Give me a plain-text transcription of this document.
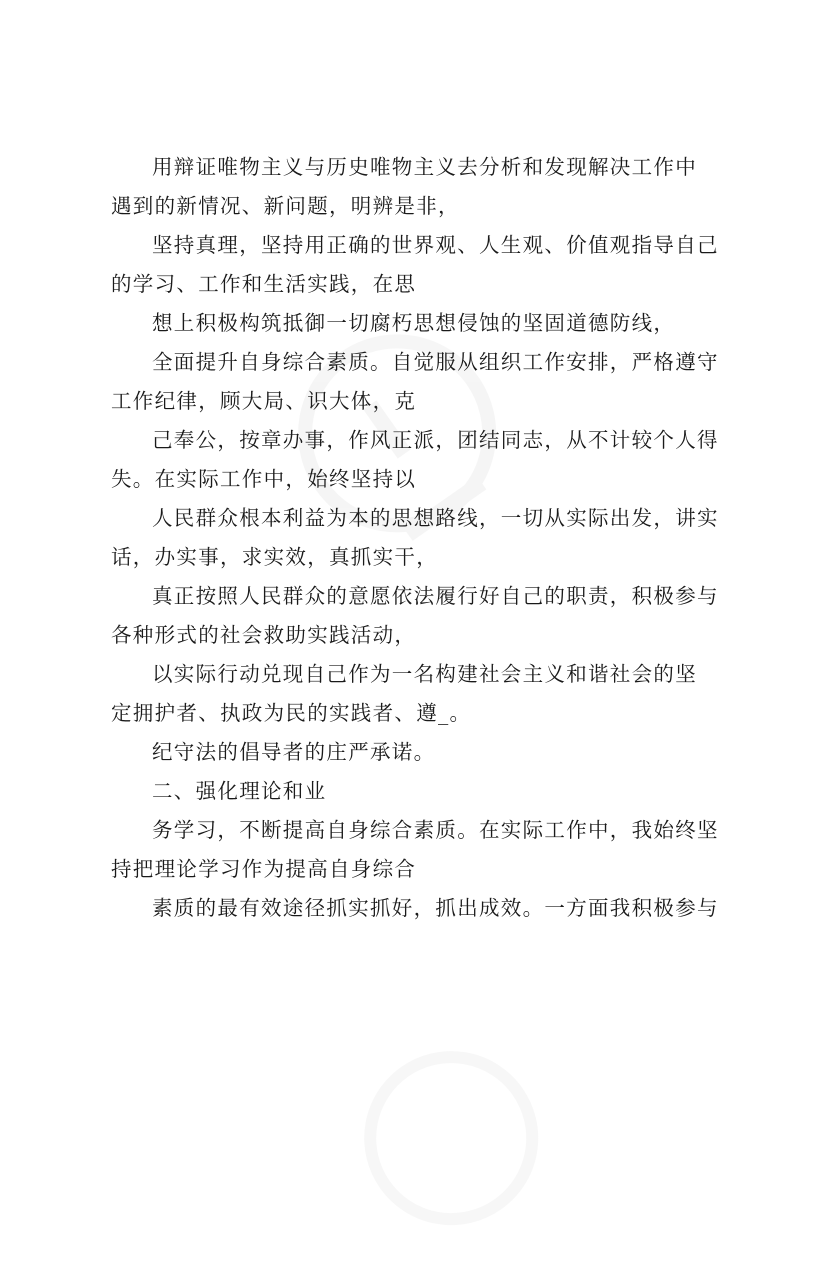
用辩证唯物主义与历史唯物主义去分析和发现解决工作中
遇到的新情况、新问题，明辨是非，
坚持真理，坚持用正确的世界观、人生观、价值观指导自己
的学习、工作和生活实践，在思
想上积极构筑抵御一切腐朽思想侵蚀的坚固道德防线，
全面提升自身综合素质。自觉服从组织工作安排，严格遵守
工作纪律，顾大局、识大体，克
己奉公，按章办事，作风正派，团结同志，从不计较个人得
失。在实际工作中，始终坚持以
人民群众根本利益为本的思想路线，一切从实际出发，讲实
话，办实事，求实效，真抓实干，
真正按照人民群众的意愿依法履行好自己的职责，积极参与
各种形式的社会救助实践活动，
以实际行动兑现自己作为一名构建社会主义和谐社会的坚
定拥护者、执政为民的实践者、遵_。
纪守法的倡导者的庄严承诺。
二、强化理论和业
务学习，不断提高自身综合素质。在实际工作中，我始终坚
持把理论学习作为提高自身综合
素质的最有效途径抓实抓好，抓出成效。一方面我积极参与
